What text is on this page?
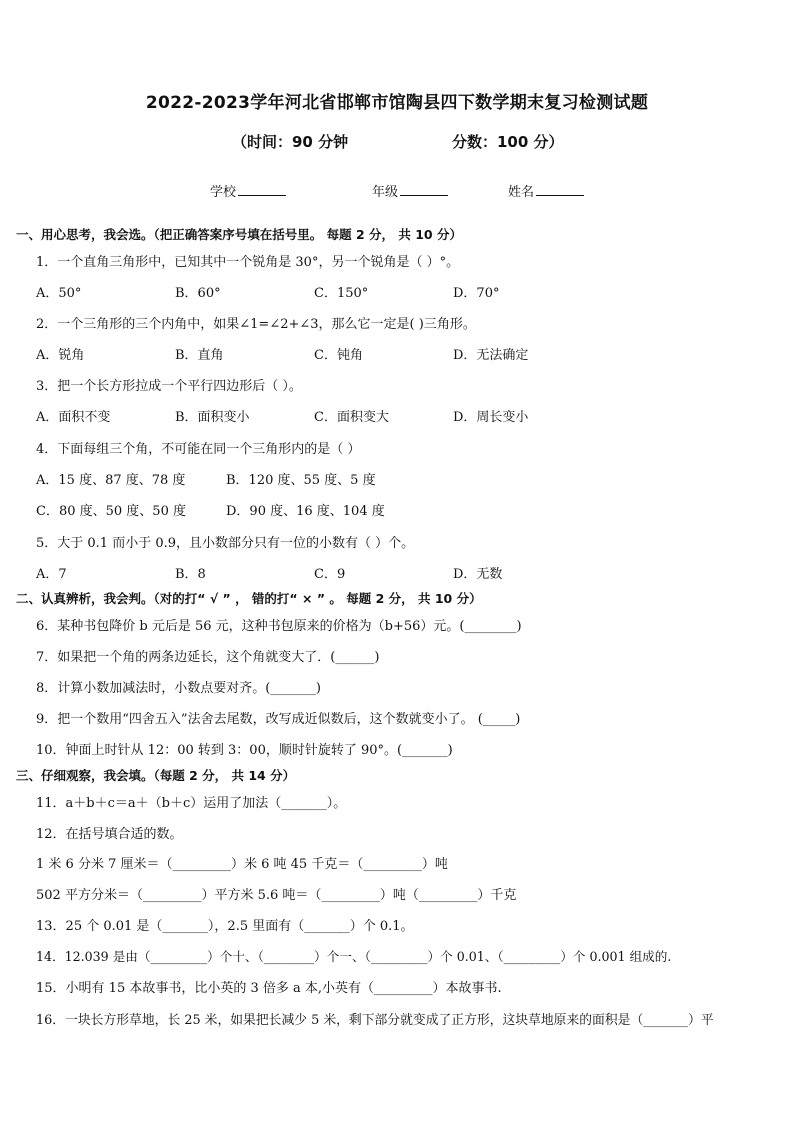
2022-2023学年河北省邯郸市馆陶县四下数学期末复习检测试题
（时间：90 分钟	分数：100 分）
学校	年级	姓名
一、用心思考，我会选。（把正确答案序号填在括号里。 每题 2 分， 共 10 分）
1．一个直角三角形中，已知其中一个锐角是 30°，另一个锐角是（ ）°。
A．50°	B．60°	C．150°	D．70°
2．一个三角形的三个内角中，如果∠1=∠2+∠3，那么它一定是( )三角形。
A．锐角	B．直角	C．钝角	D．无法确定
3．把一个长方形拉成一个平行四边形后（ ）。
A．面积不变	B．面积变小	C．面积变大	D．周长变小
4．下面每组三个角，不可能在同一个三角形内的是（ ）
A．15 度、87 度、78 度	B．120 度、55 度、5 度
C．80 度、50 度、50 度	D．90 度、16 度、104 度
5．大于 0.1 而小于 0.9，且小数部分只有一位的小数有（ ）个。
A．7	B．8	C．9	D．无数
二、认真辨析，我会判。（对的打“ √ ” ， 错的打“ × ” 。 每题 2 分， 共 10 分）
6．某种书包降价 b 元后是 56 元，这种书包原来的价格为（b+56）元。(________)
7．如果把一个角的两条边延长，这个角就变大了．(______)
8．计算小数加减法时，小数点要对齐。(_______)
9．把一个数用“四舍五入”法舍去尾数，改写成近似数后，这个数就变小了。 (_____)
10．钟面上时针从 12：00 转到 3：00，顺时针旋转了 90°。(_______)
三、仔细观察，我会填。（每题 2 分， 共 14 分）
11．a＋b＋c＝a＋（b＋c）运用了加法（_______）。
12．在括号填合适的数。
1 米 6 分米 7 厘米＝（_________）米 6 吨 45 千克＝（_________）吨
502 平方分米＝（_________）平方米 5.6 吨＝（_________）吨（_________）千克
13．25 个 0.01 是（_______），2.5 里面有（_______）个 0.1。
14．12.039 是由（_________）个十、（________）个一、（_________）个 0.01、（_________）个 0.001 组成的.
15．小明有 15 本故事书，比小英的 3 倍多 a 本,小英有（_________）本故事书.
16．一块长方形草地，长 25 米，如果把长减少 5 米，剩下部分就变成了正方形，这块草地原来的面积是（_______）平
